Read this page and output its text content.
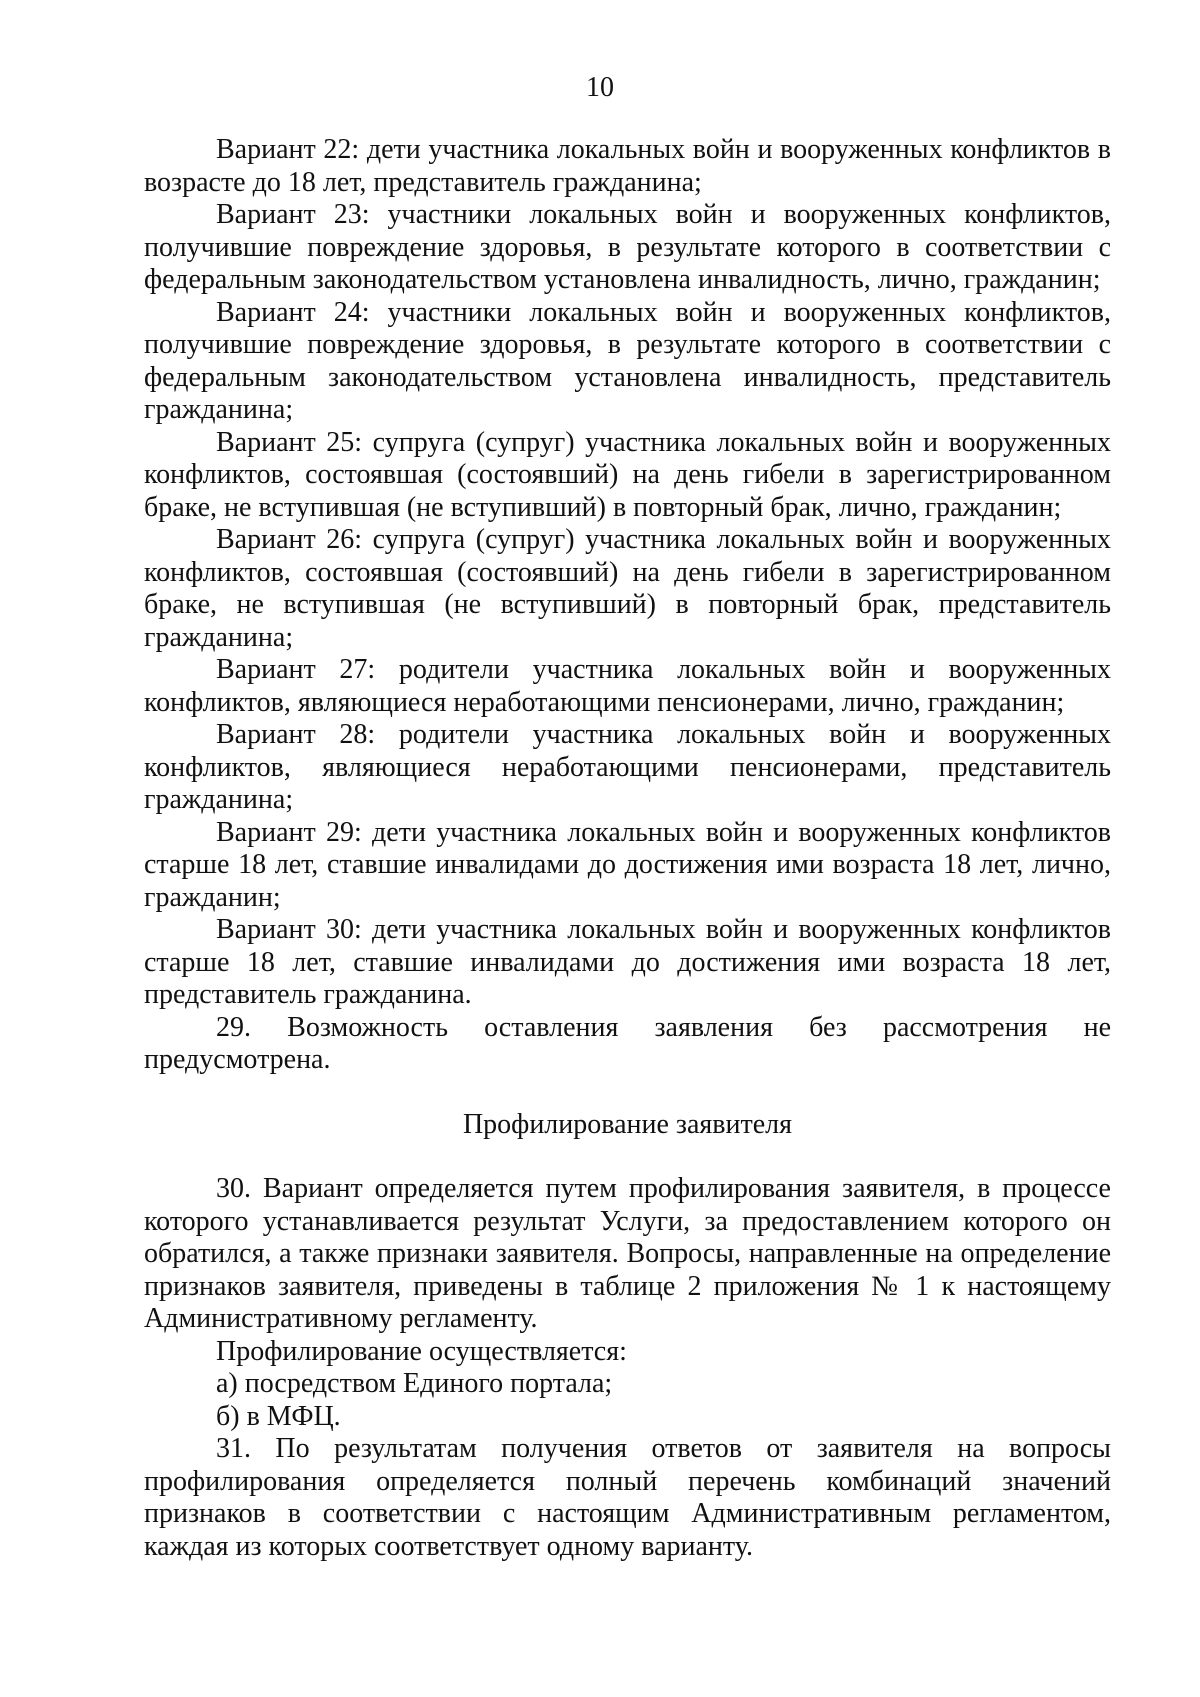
10

Вариант 22: дети участника локальных войн и вооруженных конфликтов в возрасте до 18 лет, представитель гражданина;

Вариант 23: участники локальных войн и вооруженных конфликтов, получившие повреждение здоровья, в результате которого в соответствии с федеральным законодательством установлена инвалидность, лично, гражданин;

Вариант 24: участники локальных войн и вооруженных конфликтов, получившие повреждение здоровья, в результате которого в соответствии с федеральным законодательством установлена инвалидность, представитель гражданина;

Вариант 25: супруга (супруг) участника локальных войн и вооруженных конфликтов, состоявшая (состоявший) на день гибели в зарегистрированном браке, не вступившая (не вступивший) в повторный брак, лично, гражданин;

Вариант 26: супруга (супруг) участника локальных войн и вооруженных конфликтов, состоявшая (состоявший) на день гибели в зарегистрированном браке, не вступившая (не вступивший) в повторный брак, представитель гражданина;

Вариант 27: родители участника локальных войн и вооруженных конфликтов, являющиеся неработающими пенсионерами, лично, гражданин;

Вариант 28: родители участника локальных войн и вооруженных конфликтов, являющиеся неработающими пенсионерами, представитель гражданина;

Вариант 29: дети участника локальных войн и вооруженных конфликтов старше 18 лет, ставшие инвалидами до достижения ими возраста 18 лет, лично, гражданин;

Вариант 30: дети участника локальных войн и вооруженных конфликтов старше 18 лет, ставшие инвалидами до достижения ими возраста 18 лет, представитель гражданина.

29. Возможность оставления заявления без рассмотрения не предусмотрена.

Профилирование заявителя

30. Вариант определяется путем профилирования заявителя, в процессе которого устанавливается результат Услуги, за предоставлением которого он обратился, а также признаки заявителя. Вопросы, направленные на определение признаков заявителя, приведены в таблице 2 приложения № 1 к настоящему Административному регламенту.

Профилирование осуществляется:

а) посредством Единого портала;

б) в МФЦ.

31. По результатам получения ответов от заявителя на вопросы профилирования определяется полный перечень комбинаций значений признаков в соответствии с настоящим Административным регламентом, каждая из которых соответствует одному варианту.
